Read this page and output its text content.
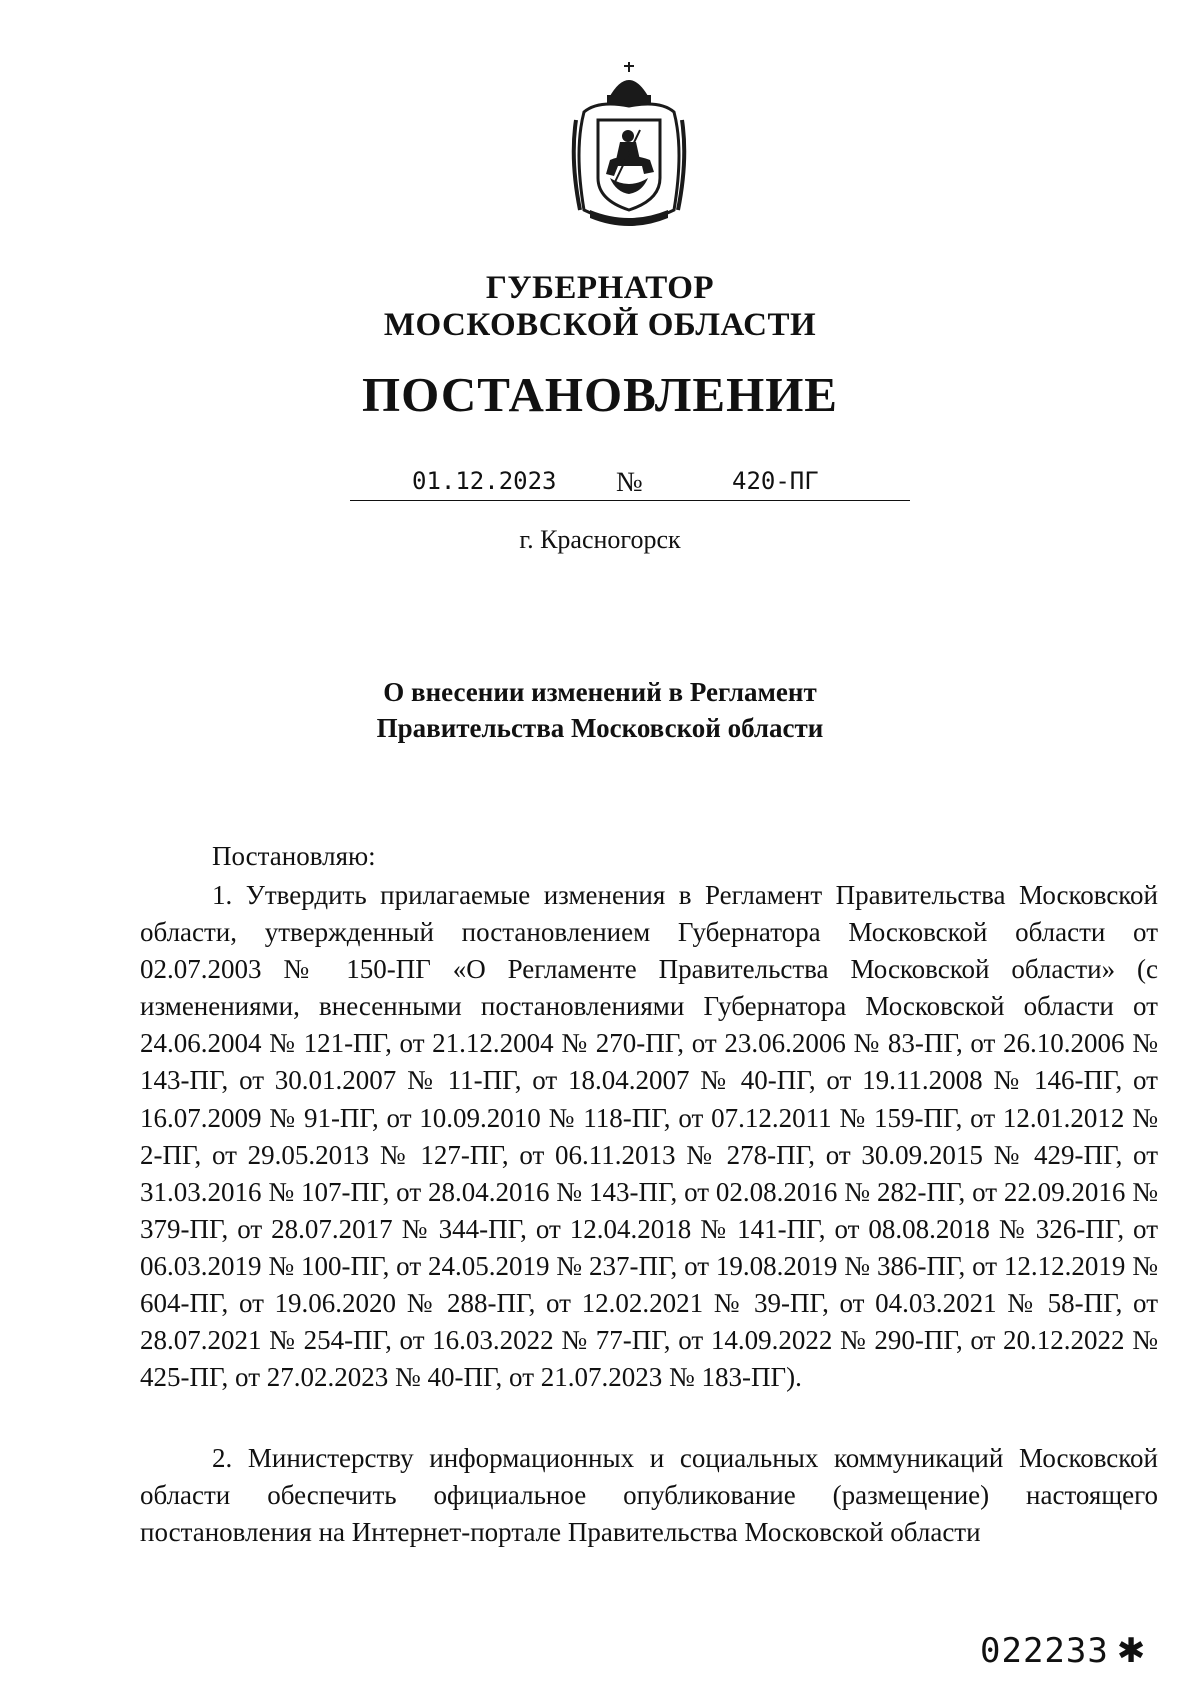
ГУБЕРНАТОР
МОСКОВСКОЙ ОБЛАСТИ
ПОСТАНОВЛЕНИЕ
01.12.2023 №	420-ПГ
г. Красногорск
О внесении изменений в Регламент
Правительства Московской области
Постановляю:

1. Утвердить прилагаемые изменения в Регламент Правительства Московской области, утвержденный постановлением Губернатора Московской области от 02.07.2003 № 150-ПГ «О Регламенте Правительства Московской области» (с изменениями, внесенными постановлениями Губернатора Московской области от 24.06.2004 № 121-ПГ, от 21.12.2004 № 270-ПГ, от 23.06.2006 № 83-ПГ, от 26.10.2006 № 143-ПГ, от 30.01.2007 № 11-ПГ, от 18.04.2007 № 40-ПГ, от 19.11.2008 № 146-ПГ, от 16.07.2009 № 91-ПГ, от 10.09.2010 № 118-ПГ, от 07.12.2011 № 159-ПГ, от 12.01.2012 № 2-ПГ, от 29.05.2013 № 127-ПГ, от 06.11.2013 № 278-ПГ, от 30.09.2015 № 429-ПГ, от 31.03.2016 № 107-ПГ, от 28.04.2016 № 143-ПГ, от 02.08.2016 № 282-ПГ, от 22.09.2016 № 379-ПГ, от 28.07.2017 № 344-ПГ, от 12.04.2018 № 141-ПГ, от 08.08.2018 № 326-ПГ, от 06.03.2019 № 100-ПГ, от 24.05.2019 № 237-ПГ, от 19.08.2019 № 386-ПГ, от 12.12.2019 № 604-ПГ, от 19.06.2020 № 288-ПГ, от 12.02.2021 № 39-ПГ, от 04.03.2021 № 58-ПГ, от 28.07.2021 № 254-ПГ, от 16.03.2022 № 77-ПГ, от 14.09.2022 № 290-ПГ, от 20.12.2022 № 425-ПГ, от 27.02.2023 № 40-ПГ, от 21.07.2023 № 183-ПГ).

2. Министерству информационных и социальных коммуникаций Московской области обеспечить официальное опубликование (размещение) настоящего постановления на Интернет-портале Правительства Московской области

022233 ✱
